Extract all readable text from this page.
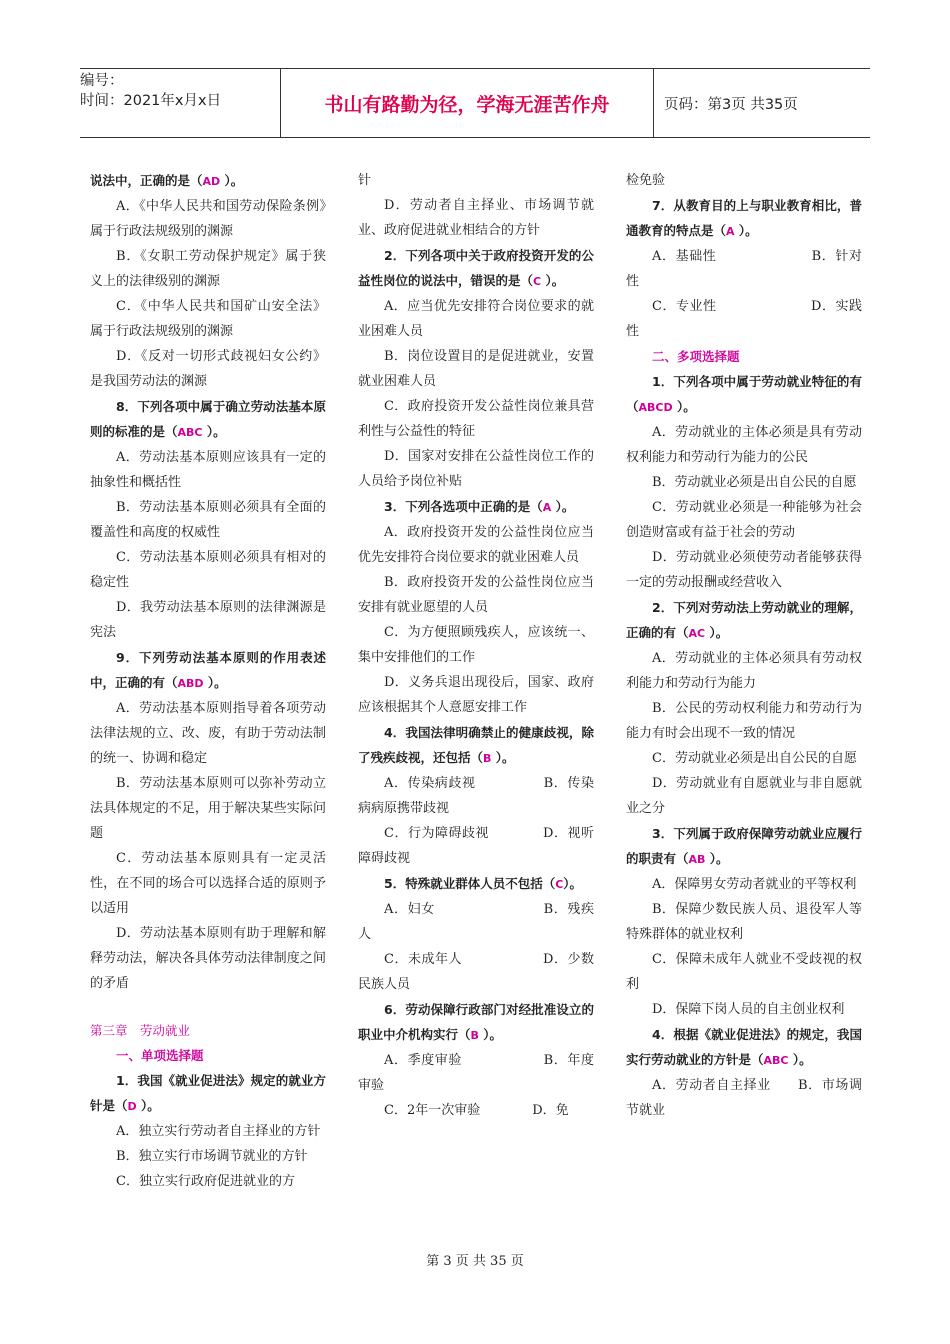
编号：
时间：2021年x月x日	书山有路勤为径，学海无涯苦作舟	页码：第3页 共35页

说法中，正确的是（AD ）。

A．《中华人民共和国劳动保险条例》属于行政法规级别的渊源

B．《女职工劳动保护规定》属于狭义上的法律级别的渊源

C．《中华人民共和国矿山安全法》属于行政法规级别的渊源

D．《反对一切形式歧视妇女公约》是我国劳动法的渊源

8．下列各项中属于确立劳动法基本原则的标准的是（ABC ）。

A．劳动法基本原则应该具有一定的抽象性和概括性

B．劳动法基本原则必须具有全面的覆盖性和高度的权威性

C．劳动法基本原则必须具有相对的稳定性

D．我劳动法基本原则的法律渊源是宪法

9．下列劳动法基本原则的作用表述中，正确的有（ABD ）。

A．劳动法基本原则指导着各项劳动法律法规的立、改、废，有助于劳动法制的统一、协调和稳定

B．劳动法基本原则可以弥补劳动立法具体规定的不足，用于解决某些实际问题

C．劳动法基本原则具有一定灵活性，在不同的场合可以选择合适的原则予以适用

D．劳动法基本原则有助于理解和解释劳动法，解决各具体劳动法律制度之间的矛盾

第三章　劳动就业

一、单项选择题

1．我国《就业促进法》规定的就业方针是（D ）。

A．独立实行劳动者自主择业的方针

B．独立实行市场调节就业的方针

C．独立实行政府促进就业的方

针

D．劳动者自主择业、市场调节就业、政府促进就业相结合的方针

2．下列各项中关于政府投资开发的公益性岗位的说法中，错误的是（C ）。

A．应当优先安排符合岗位要求的就业困难人员

B．岗位设置目的是促进就业，安置就业困难人员

C．政府投资开发公益性岗位兼具营利性与公益性的特征

D．国家对安排在公益性岗位工作的人员给予岗位补贴

3．下列各选项中正确的是（A ）。

A．政府投资开发的公益性岗位应当优先安排符合岗位要求的就业困难人员

B．政府投资开发的公益性岗位应当安排有就业愿望的人员

C．为方便照顾残疾人，应该统一、集中安排他们的工作

D．义务兵退出现役后，国家、政府应该根据其个人意愿安排工作

4．我国法律明确禁止的健康歧视，除了残疾歧视，还包括（B ）。

A．传染病歧视　　　　　B．传染病病原携带歧视

C．行为障碍歧视　　　　D．视听障碍歧视

5．特殊就业群体人员不包括（C）。

A．妇女　　　　　　　　B．残疾人

C．未成年人　　　　　　D．少数民族人员

6．劳动保障行政部门对经批准设立的职业中介机构实行（B ）。

A．季度审验　　　　　　B．年度审验

C．2年一次审验　　　　D．免

检免验

7．从教育目的上与职业教育相比，普通教育的特点是（A ）。

A．基础性　　　　　　　B．针对性

C．专业性　　　　　　　D．实践性

二、多项选择题

1．下列各项中属于劳动就业特征的有（ABCD ）。

A．劳动就业的主体必须是具有劳动权利能力和劳动行为能力的公民

B．劳动就业必须是出自公民的自愿

C．劳动就业必须是一种能够为社会创造财富或有益于社会的劳动

D．劳动就业必须使劳动者能够获得一定的劳动报酬或经营收入

2．下列对劳动法上劳动就业的理解，正确的有（AC ）。

A．劳动就业的主体必须具有劳动权利能力和劳动行为能力

B．公民的劳动权利能力和劳动行为能力有时会出现不一致的情况

C．劳动就业必须是出自公民的自愿

D．劳动就业有自愿就业与非自愿就业之分

3．下列属于政府保障劳动就业应履行的职责有（AB ）。

A．保障男女劳动者就业的平等权利

B．保障少数民族人员、退役军人等特殊群体的就业权利

C．保障未成年人就业不受歧视的权利

D．保障下岗人员的自主创业权利

4．根据《就业促进法》的规定，我国实行劳动就业的方针是（ABC ）。

A．劳动者自主择业　　B．市场调节就业

第 3 页 共 35 页
